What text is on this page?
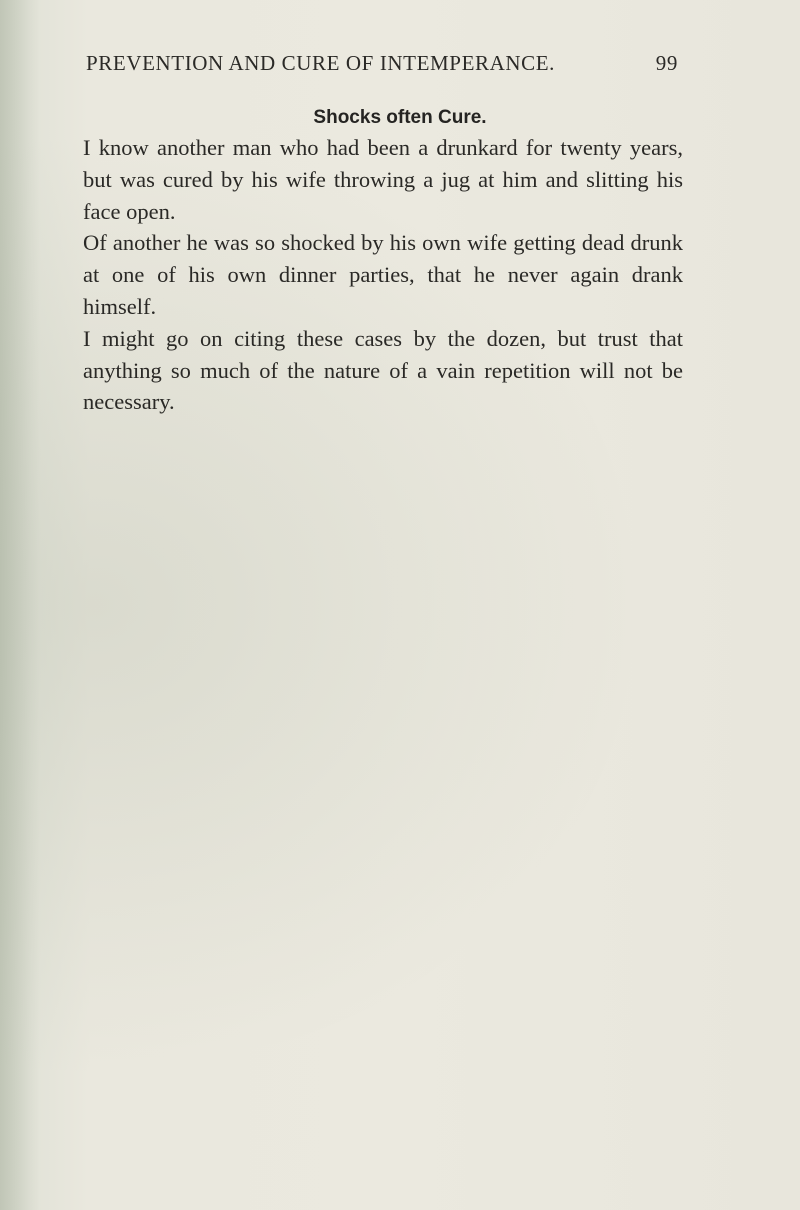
PREVENTION AND CURE OF INTEMPERANCE.	99
Shocks often Cure.

I know another man who had been a drunkard for twenty years, but was cured by his wife throwing a jug at him and slitting his face open.

Of another he was so shocked by his own wife getting dead drunk at one of his own dinner parties, that he never again drank himself.

I might go on citing these cases by the dozen, but trust that anything so much of the nature of a vain repetition will not be necessary.
